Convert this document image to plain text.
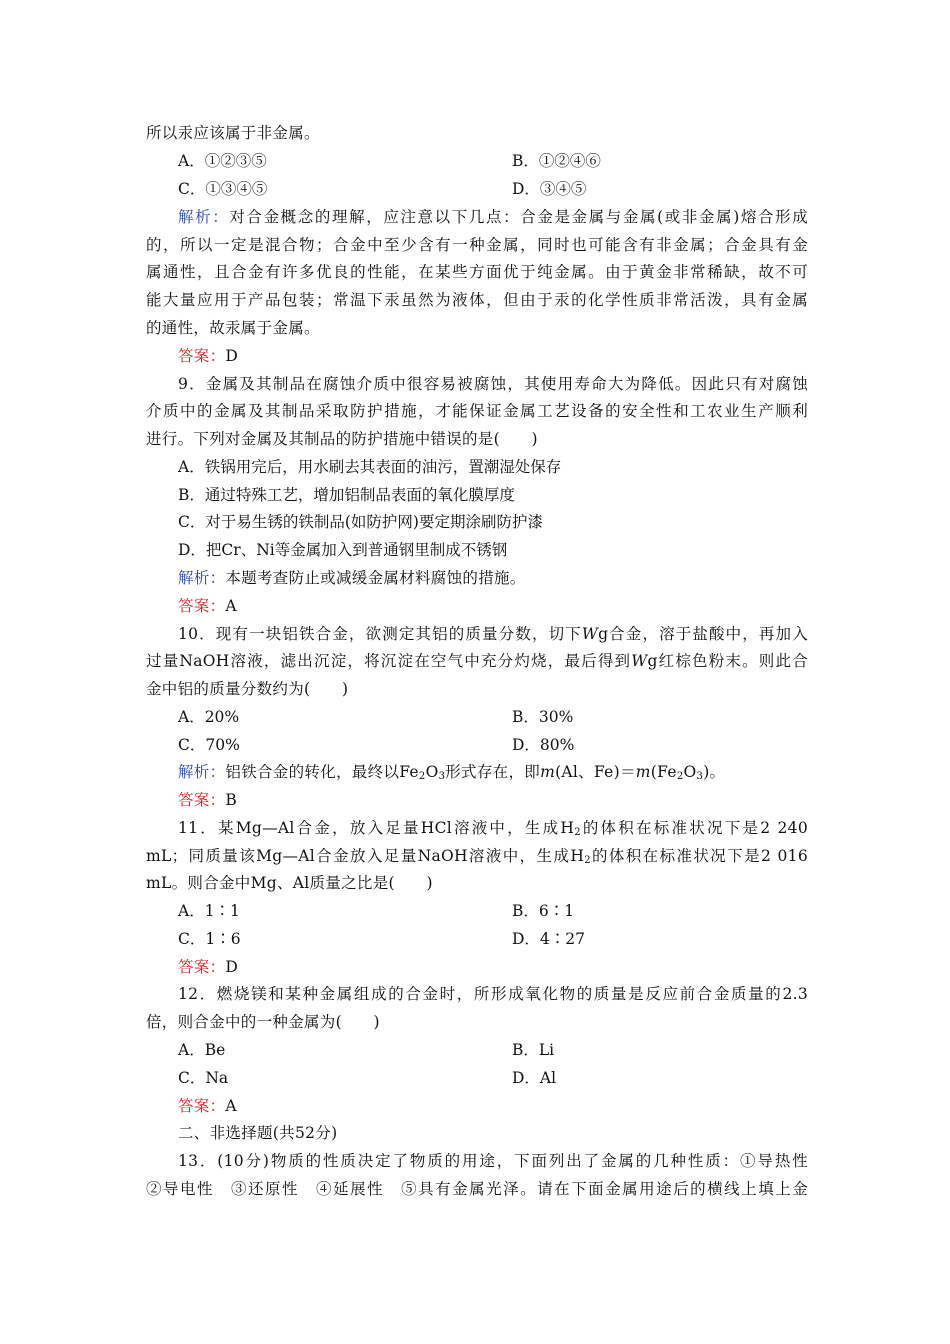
所以汞应该属于非金属。
A．①②③⑤	B．①②④⑥
C．①③④⑤	D．③④⑤
解析：对合金概念的理解，应注意以下几点：合金是金属与金属(或非金属)熔合形成
的，所以一定是混合物；合金中至少含有一种金属，同时也可能含有非金属；合金具有金
属通性，且合金有许多优良的性能，在某些方面优于纯金属。由于黄金非常稀缺，故不可
能大量应用于产品包装；常温下汞虽然为液体，但由于汞的化学性质非常活泼，具有金属
的通性，故汞属于金属。
答案：D
9．金属及其制品在腐蚀介质中很容易被腐蚀，其使用寿命大为降低。因此只有对腐蚀
介质中的金属及其制品采取防护措施，才能保证金属工艺设备的安全性和工农业生产顺利
进行。下列对金属及其制品的防护措施中错误的是(　　)
A．铁锅用完后，用水刷去其表面的油污，置潮湿处保存
B．通过特殊工艺，增加铝制品表面的氧化膜厚度
C．对于易生锈的铁制品(如防护网)要定期涂刷防护漆
D．把Cr、Ni等金属加入到普通钢里制成不锈钢
解析：本题考查防止或减缓金属材料腐蚀的措施。
答案：A
10．现有一块铝铁合金，欲测定其铝的质量分数，切下Wg合金，溶于盐酸中，再加入
过量NaOH溶液，滤出沉淀，将沉淀在空气中充分灼烧，最后得到Wg红棕色粉末。则此合
金中铝的质量分数约为(　　)
A．20%	B．30%
C．70%	D．80%
解析：铝铁合金的转化，最终以$Fe_2O_3$形式存在，即m(Al、$Fe)=m(Fe_2O_3)$。
答案：B
11．某Mg—Al合金，放入足量HCl溶液中，生成$H_2$的体积在标准状况下是2 240
mL；同质量该Mg—Al合金放入足量NaOH溶液中，生成$H_2$的体积在标准状况下是2 016
mL。则合金中Mg、Al质量之比是(　　)
A．1∶1	B．6∶1
C．1∶6	D．4∶27
答案：D
12．燃烧镁和某种金属组成的合金时，所形成氧化物的质量是反应前合金质量的2.3
倍，则合金中的一种金属为(　　)
A．Be	B．Li
C．Na	D．Al
答案：A
二、非选择题(共52分)
13．(10分)物质的性质决定了物质的用途，下面列出了金属的几种性质：①导热性
②导电性　③还原性　④延展性　⑤具有金属光泽。请在下面金属用途后的横线上填上金
